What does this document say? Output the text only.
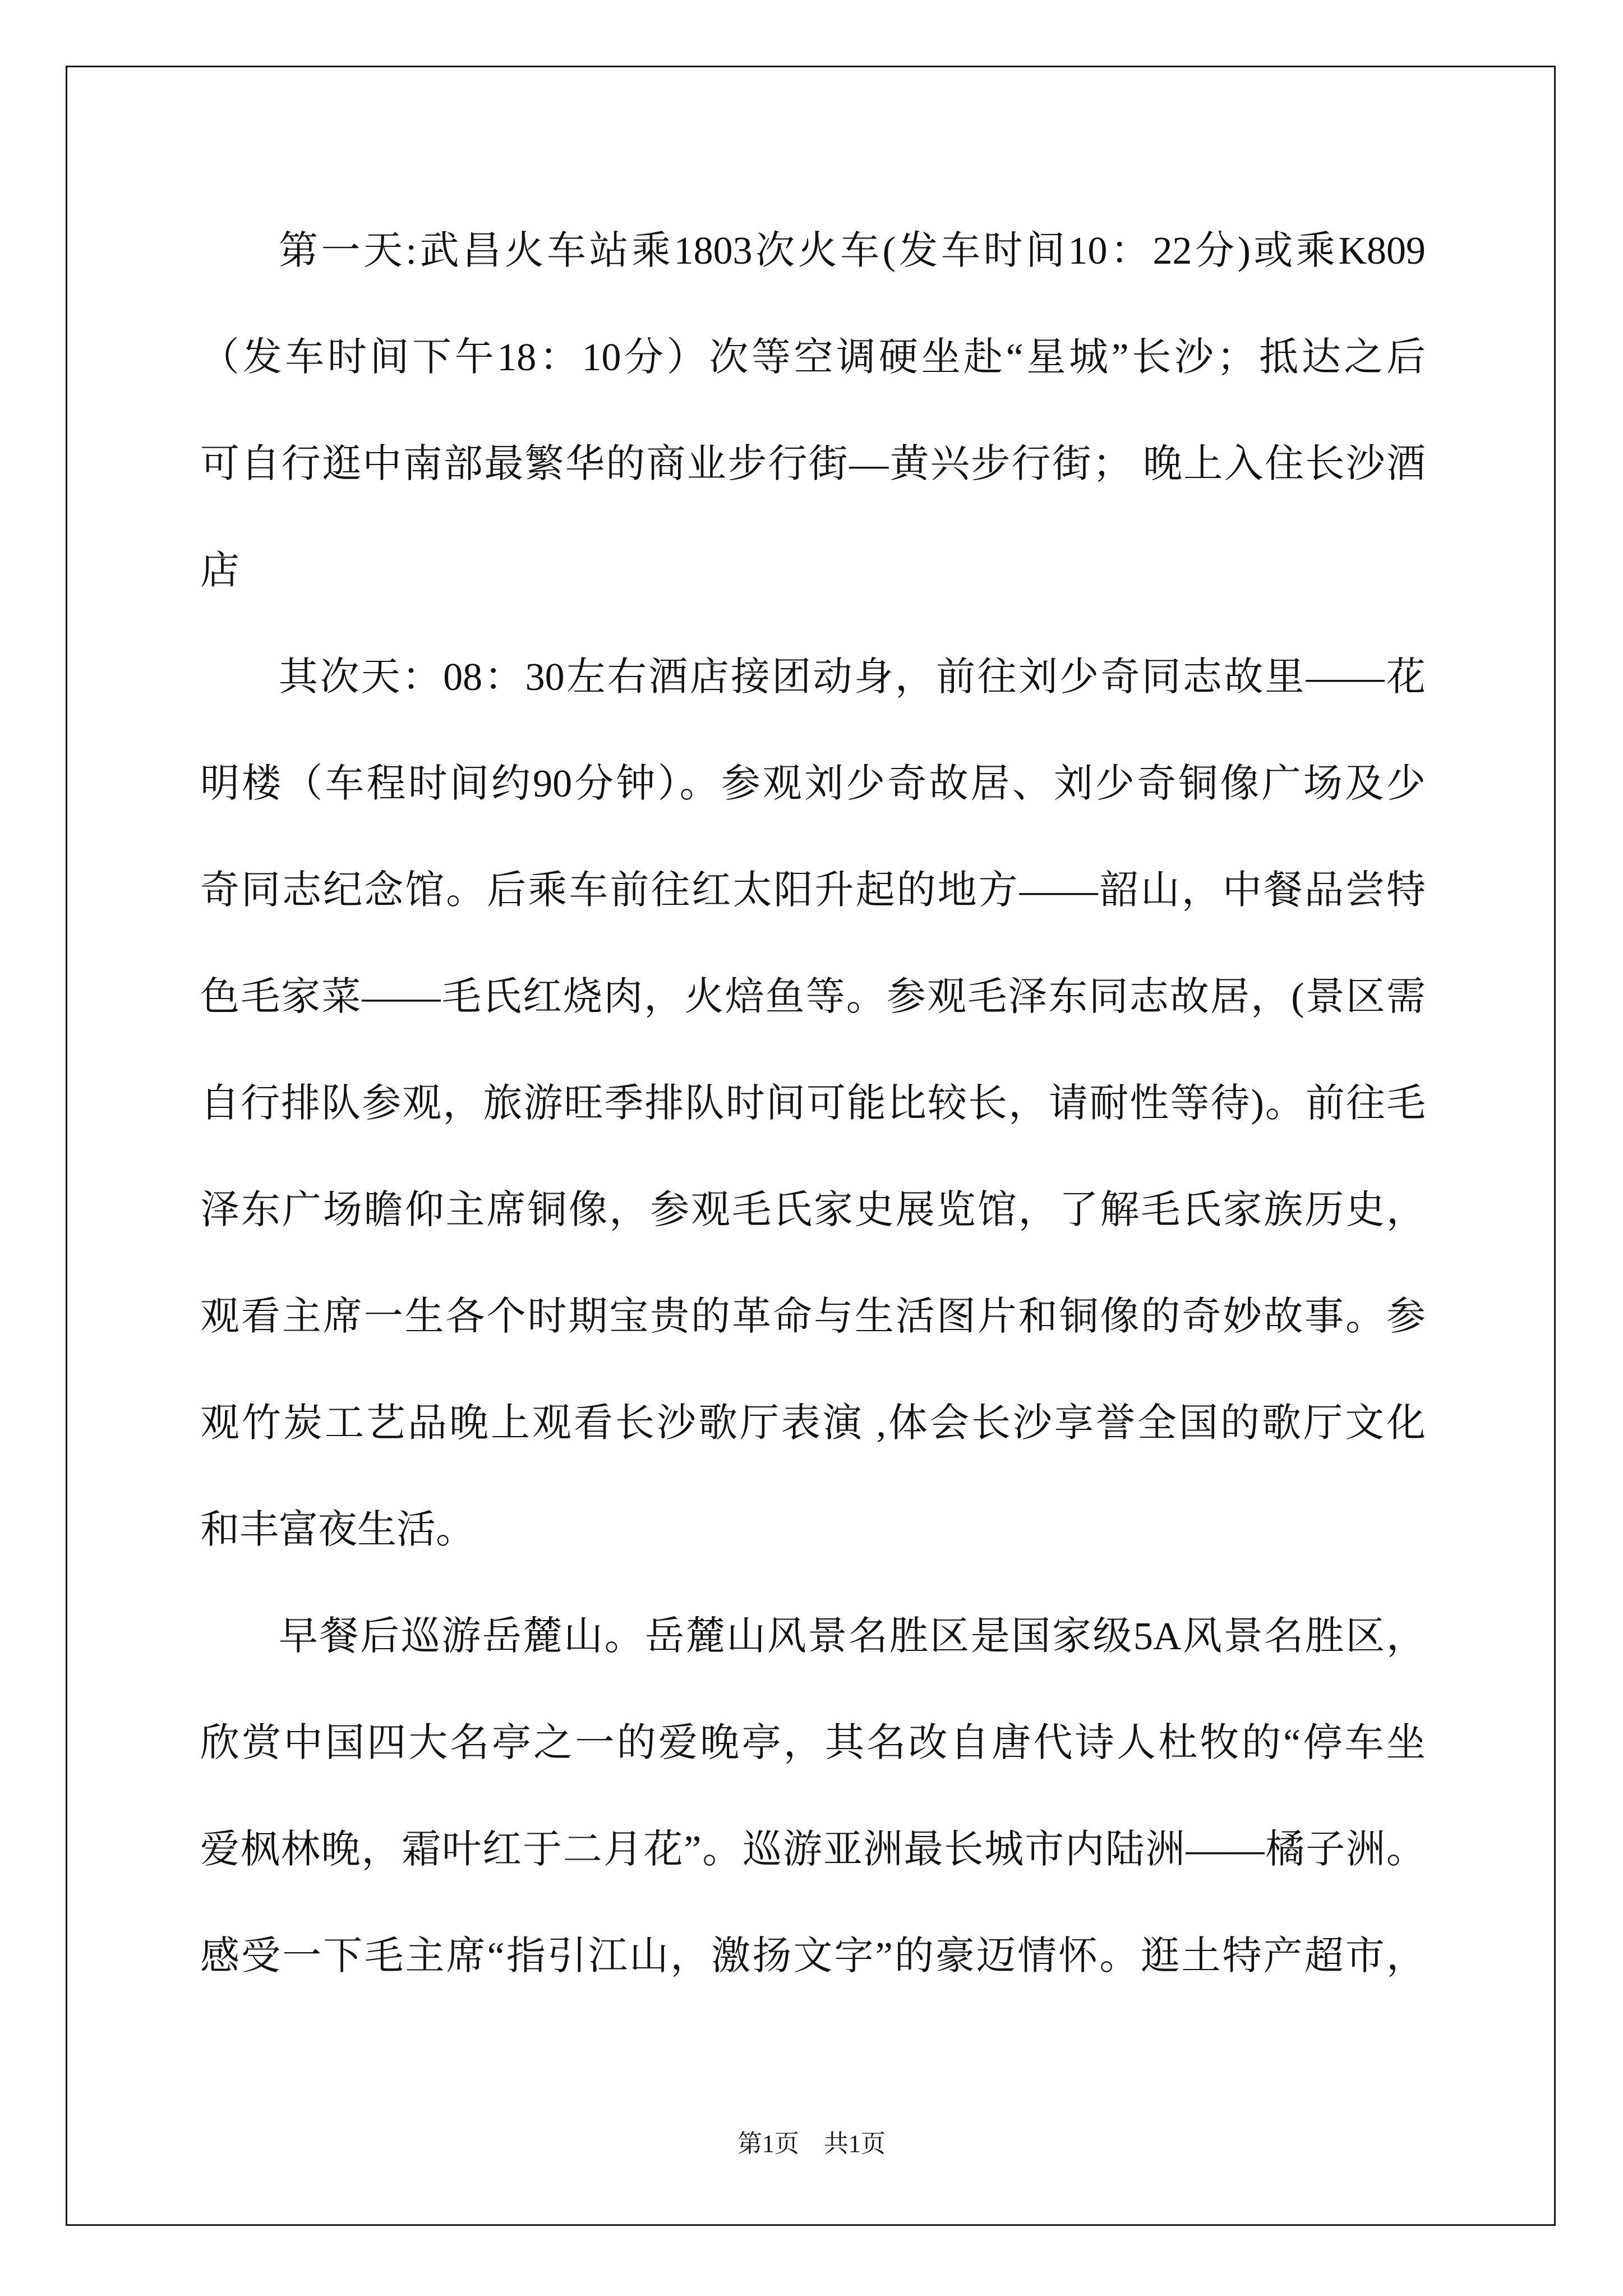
第一天:武昌火车站乘1803次火车(发车时间10：22分)或乘K809
（发车时间下午18：10分）次等空调硬坐赴“星城”长沙；抵达之后
可自行逛中南部最繁华的商业步行街—黄兴步行街； 晚上入住长沙酒
店
其次天：08：30左右酒店接团动身，前往刘少奇同志故里——花
明楼（车程时间约90分钟）。参观刘少奇故居、刘少奇铜像广场及少
奇同志纪念馆。后乘车前往红太阳升起的地方——韶山，中餐品尝特
色毛家菜——毛氏红烧肉，火焙鱼等。参观毛泽东同志故居，(景区需
自行排队参观，旅游旺季排队时间可能比较长，请耐性等待)。前往毛
泽东广场瞻仰主席铜像，参观毛氏家史展览馆，了解毛氏家族历史，
观看主席一生各个时期宝贵的革命与生活图片和铜像的奇妙故事。参
观竹炭工艺品晚上观看长沙歌厅表演 ,体会长沙享誉全国的歌厅文化
和丰富夜生活。
早餐后巡游岳麓山。岳麓山风景名胜区是国家级5A风景名胜区，
欣赏中国四大名亭之一的爱晚亭，其名改自唐代诗人杜牧的“停车坐
爱枫林晚，霜叶红于二月花”。巡游亚洲最长城市内陆洲——橘子洲。
感受一下毛主席“指引江山，激扬文字”的豪迈情怀。逛土特产超市，
第1页　共1页
